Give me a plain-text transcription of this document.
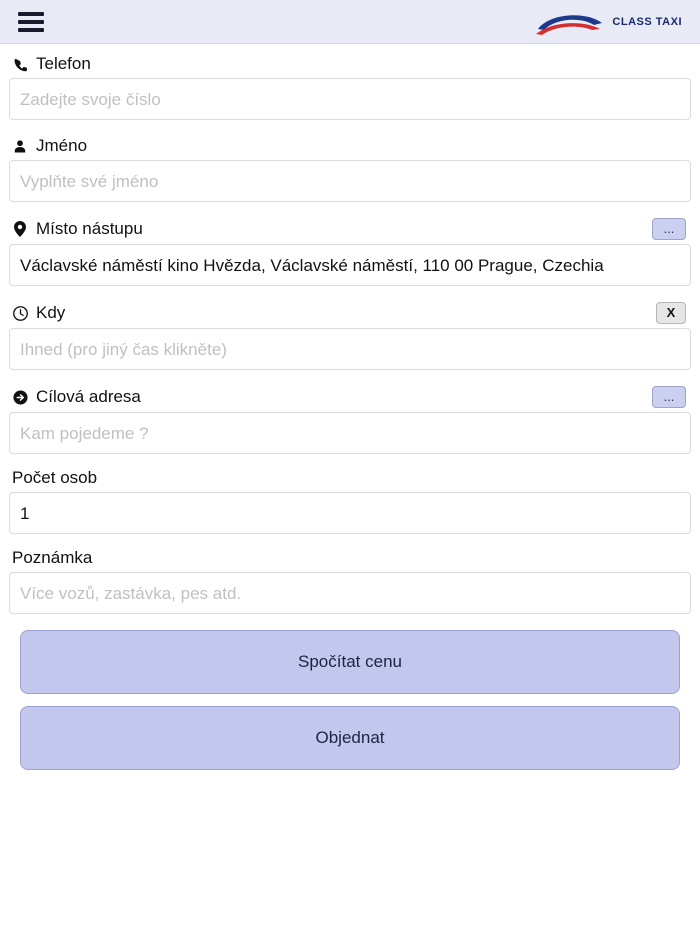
CLASS TAXI
Telefon
Zadejte svoje číslo
Jméno
Vyplňte své jméno
Místo nástupu	...
Václavské náměstí kino Hvězda, Václavské náměstí, 110 00 Prague, Czechia
Kdy	X
Ihned (pro jiný čas klikněte)
Cílová adresa	...
Kam pojedeme ?
Počet osob
1
Poznámka
Více vozů, zastávka, pes atd.
Spočítat cenu
Objednat
